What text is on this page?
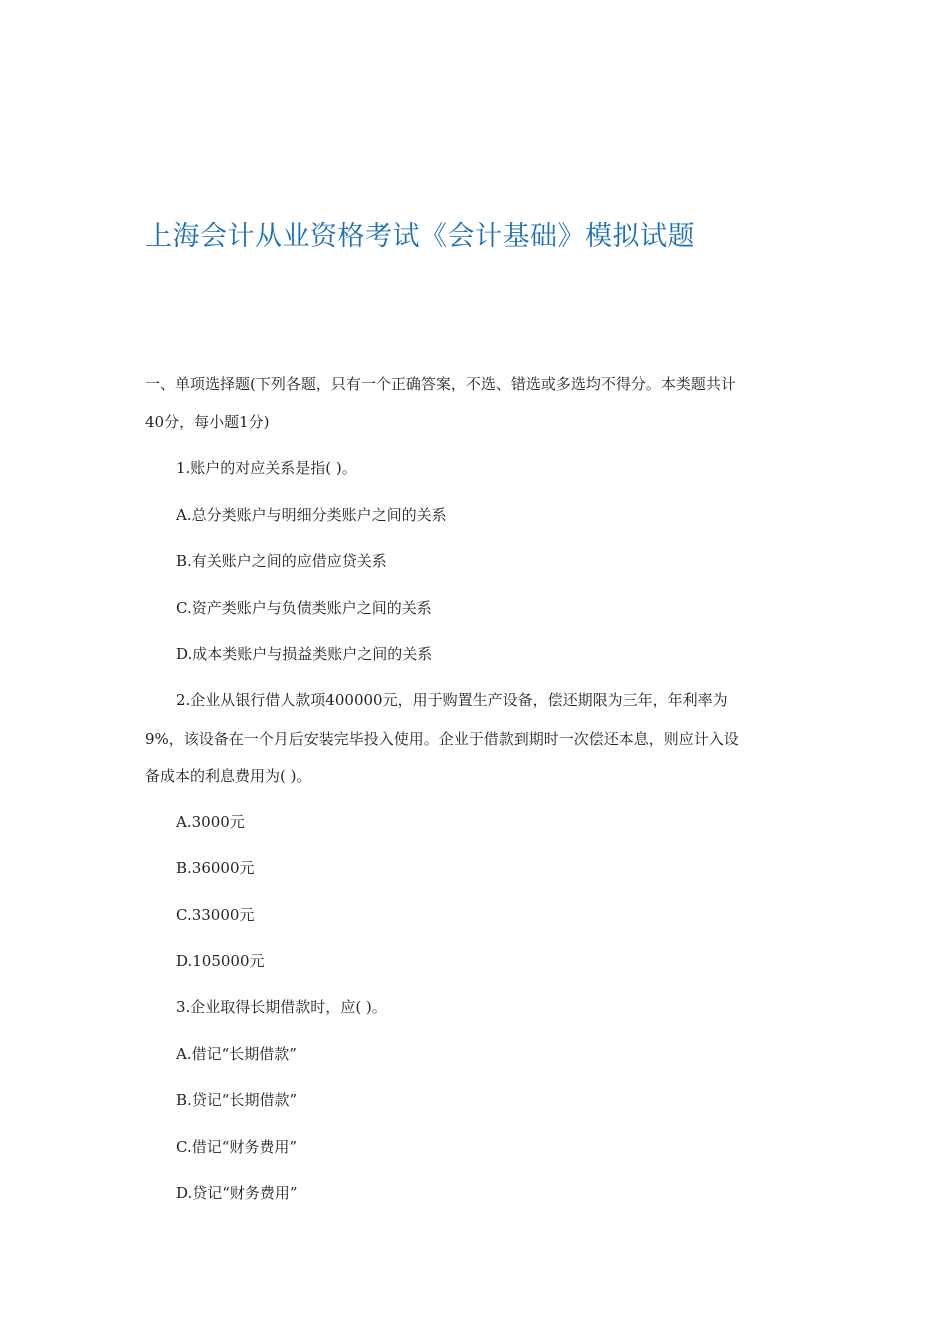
上海会计从业资格考试《会计基础》模拟试题
一、单项选择题(下列各题，只有一个正确答案，不选、错选或多选均不得分。本类题共计
40分，每小题1分)
1.账户的对应关系是指( )。
A.总分类账户与明细分类账户之间的关系
B.有关账户之间的应借应贷关系
C.资产类账户与负债类账户之间的关系
D.成本类账户与损益类账户之间的关系
2.企业从银行借人款项400000元，用于购置生产设备，偿还期限为三年，年利率为
9%，该设备在一个月后安装完毕投入使用。企业于借款到期时一次偿还本息，则应计入设
备成本的利息费用为( )。
A.3000元
B.36000元
C.33000元
D.105000元
3.企业取得长期借款时，应( )。
A.借记“长期借款”
B.贷记“长期借款”
C.借记“财务费用”
D.贷记“财务费用”
